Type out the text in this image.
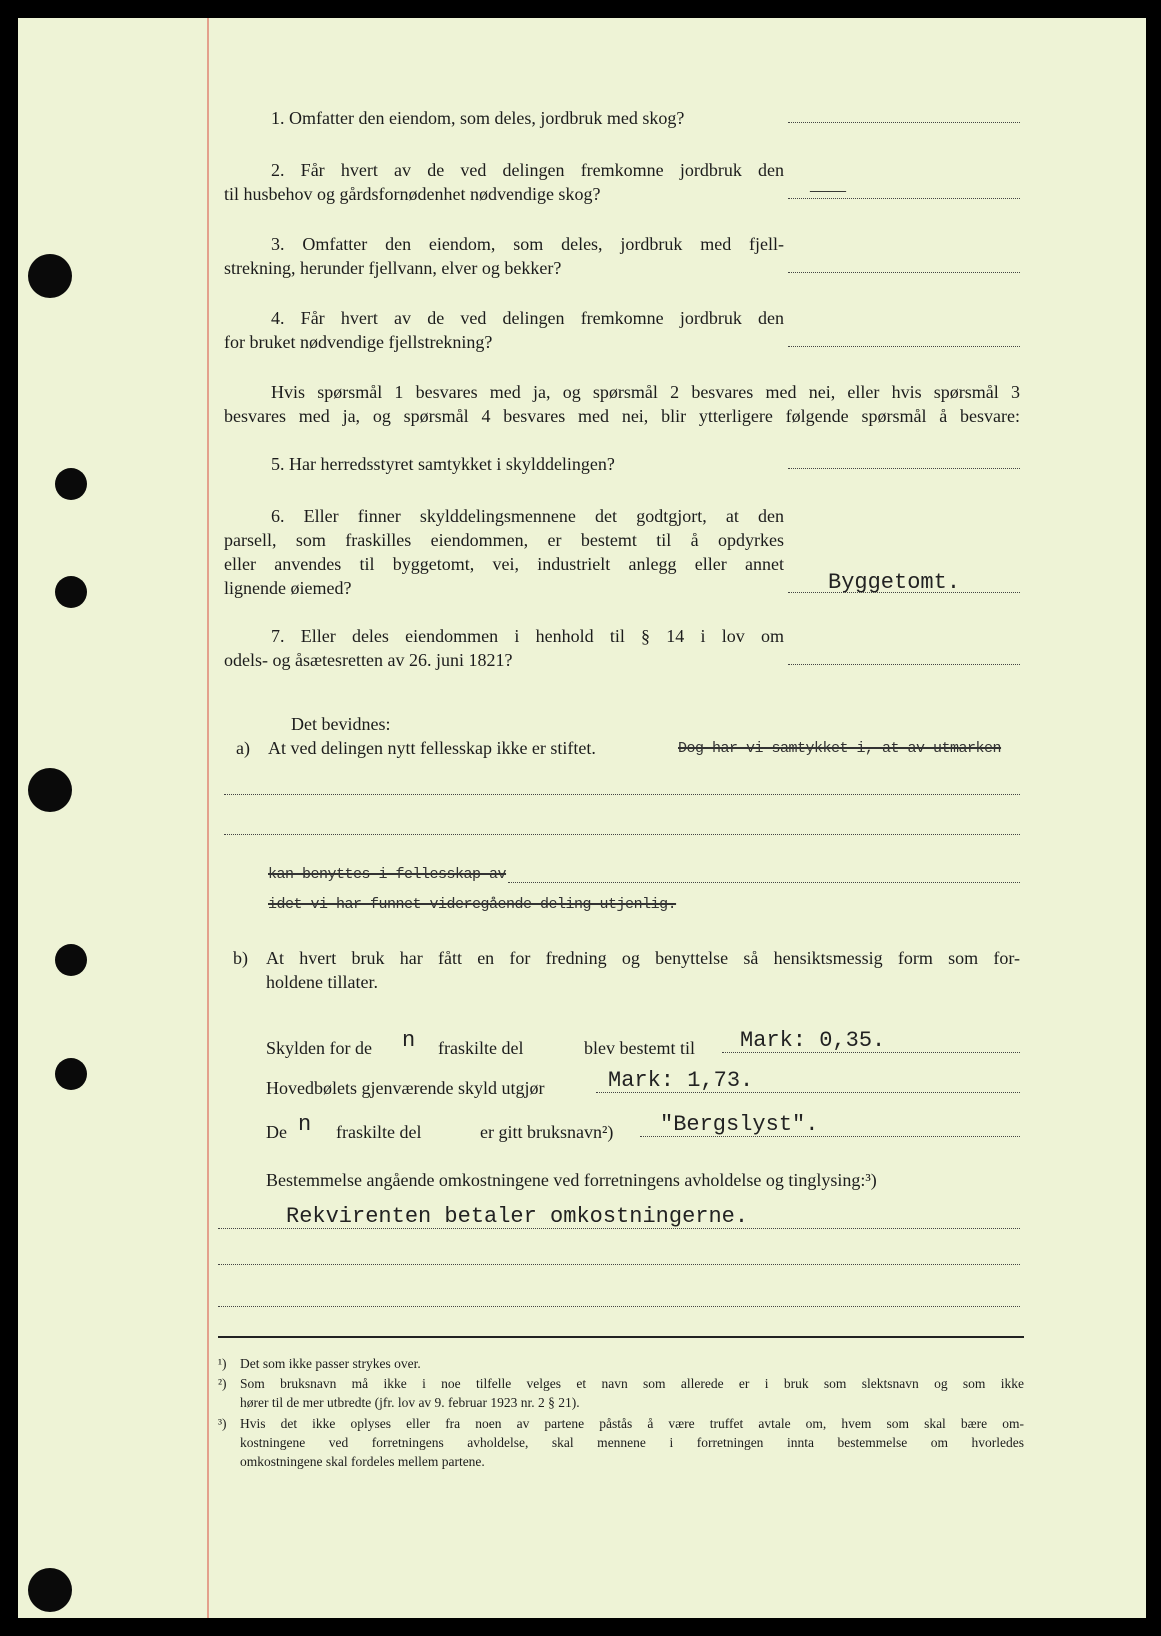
1. Omfatter den eiendom, som deles, jordbruk med skog?
2. Får hvert av de ved delingen fremkomne jordbruk den
til husbehov og gårdsfornødenhet nødvendige skog?	——
3. Omfatter den eiendom, som deles, jordbruk med fjell-
strekning, herunder fjellvann, elver og bekker?
4. Får hvert av de ved delingen fremkomne jordbruk den
for bruket nødvendige fjellstrekning?
Hvis spørsmål 1 besvares med ja, og spørsmål 2 besvares med nei, eller hvis spørsmål 3
besvares med ja, og spørsmål 4 besvares med nei, blir ytterligere følgende spørsmål å besvare:
5. Har herredsstyret samtykket i skylddelingen?
6. Eller finner skylddelingsmennene det godtgjort, at den
parsell, som fraskilles eiendommen, er bestemt til å opdyrkes
eller anvendes til byggetomt, vei, industrielt anlegg eller annet
lignende øiemed?	Byggetomt.
7. Eller deles eiendommen i henhold til § 14 i lov om
odels- og åsætesretten av 26. juni 1821?
Det bevidnes:
a) At ved delingen nytt fellesskap ikke er stiftet.	Dog har vi samtykket i, at av utmarken
kan benyttes i fellesskap av
idet vi har funnet videregående deling utjenlig.
b) At hvert bruk har fått en for fredning og benyttelse så hensiktsmessig form som for-
holdene tillater.
Skylden for de n fraskilte del	blev bestemt til Mark: 0,35.
Hovedbølets gjenværende skyld utgjør	Mark: 1,73.
De n fraskilte del	er gitt bruksnavn²) "Bergslyst".
Bestemmelse angående omkostningene ved forretningens avholdelse og tinglysing:³)
Rekvirenten betaler omkostningerne.
¹) Det som ikke passer strykes over.
²) Som bruksnavn må ikke i noe tilfelle velges et navn som allerede er i bruk som slektsnavn og som ikke
hører til de mer utbredte (jfr. lov av 9. februar 1923 nr. 2 § 21).
³) Hvis det ikke oplyses eller fra noen av partene påstås å være truffet avtale om, hvem som skal bære om-
kostningene ved forretningens avholdelse, skal mennene i forretningen innta bestemmelse om hvorledes
omkostningene skal fordeles mellem partene.
